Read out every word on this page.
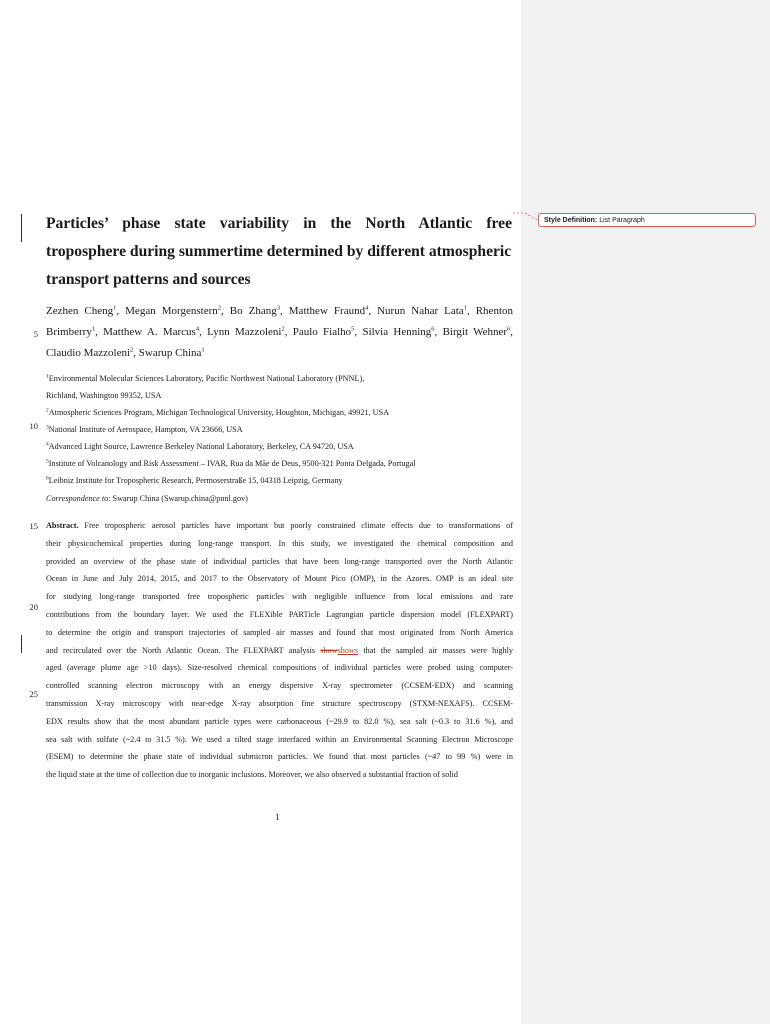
Particles’ phase state variability in the North Atlantic free
troposphere during summertime determined by different atmospheric
transport patterns and sources
Zezhen Cheng$^1$, Megan Morgenstern$^2$, Bo Zhang$^3$, Matthew Fraund$^4$, Nurun Nahar Lata$^1$, Rhenton
Brimberry$^1$, Matthew A. Marcus$^4$, Lynn Mazzoleni$^2$, Paulo Fialho$^5$, Silvia Henning$^6$, Birgit Wehner$^6$,
Claudio Mazzoleni$^2$, Swarup China$^1$
$^1$Environmental Molecular Sciences Laboratory, Pacific Northwest National Laboratory (PNNL),
Richland, Washington 99352, USA
$^2$Atmospheric Sciences Program, Michigan Technological University, Houghton, Michigan, 49921, USA
$^3$National Institute of Aerospace, Hampton, VA 23666, USA
$^4$Advanced Light Source, Lawrence Berkeley National Laboratory, Berkeley, CA 94720, USA
$^5$Institute of Volcanology and Risk Assessment – IVAR, Rua da Mãe de Deus, 9500-321 Ponta Delgada, Portugal
$^6$Leibniz Institute for Tropospheric Research, Permoserstraße 15, 04318 Leipzig, Germany
Correspondence to: Swarup China (Swarup.china@pnnl.gov)
Abstract. Free tropospheric aerosol particles have important but poorly constrained climate effects due to transformations of
their physicochemical properties during long-range transport. In this study, we investigated the chemical composition and
provided an overview of the phase state of individual particles that have been long-range transported over the North Atlantic
Ocean in June and July 2014, 2015, and 2017 to the Observatory of Mount Pico (OMP), in the Azores. OMP is an ideal site
for studying long-range transported free tropospheric particles with negligible influence from local emissions and rare
contributions from the boundary layer. We used the FLEXible PARTicle Lagrangian particle dispersion model (FLEXPART)
to determine the origin and transport trajectories of sampled air masses and found that most originated from North America
and recirculated over the North Atlantic Ocean. The FLEXPART analysis showshows that the sampled air masses were highly
aged (average plume age >10 days). Size-resolved chemical compositions of individual particles were probed using computer-
controlled scanning electron microscopy with an energy dispersive X-ray spectrometer (CCSEM-EDX) and scanning
transmission X-ray microscopy with near-edge X-ray absorption fine structure spectroscopy (STXM-NEXAFS). CCSEM-
EDX results show that the most abundant particle types were carbonaceous (~29.9 to 82.0 %), sea salt (~0.3 to 31.6 %), and
sea salt with sulfate (~2.4 to 31.5 %). We used a tilted stage interfaced within an Environmental Scanning Electron Microscope
(ESEM) to determine the phase state of individual submicron particles. We found that most particles (~47 to 99 %) were in
the liquid state at the time of collection due to inorganic inclusions. Moreover, we also observed a substantial fraction of solid
5
10
15
20
25
1
Style Definition: List Paragraph
